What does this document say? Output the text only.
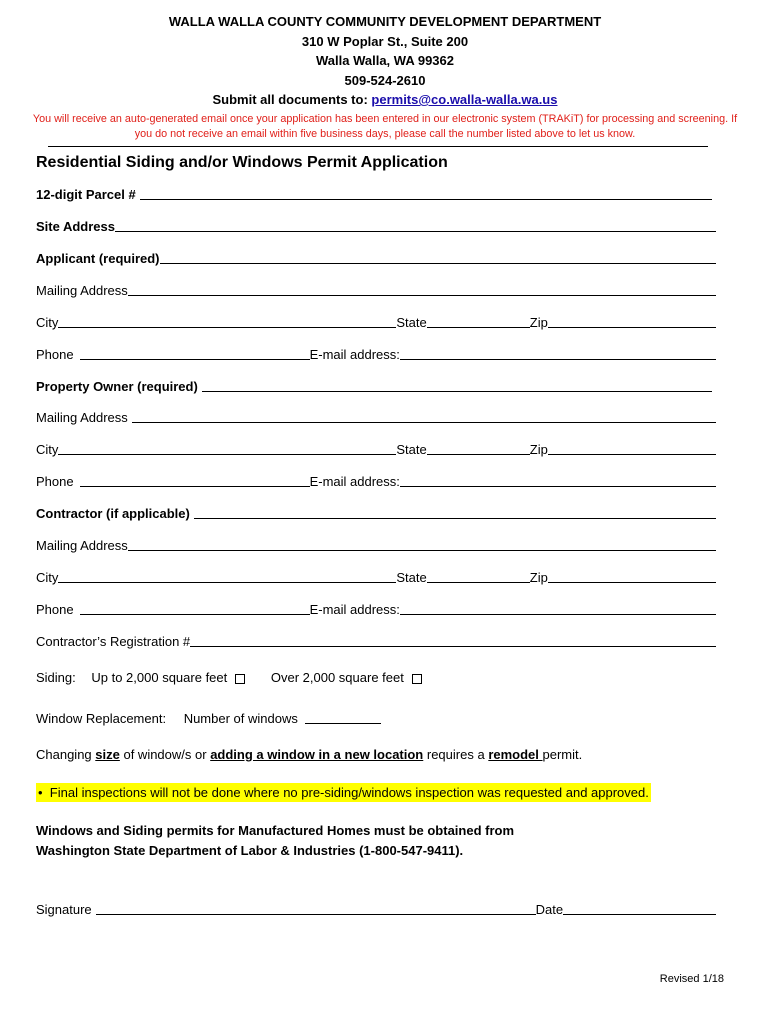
WALLA WALLA COUNTY COMMUNITY DEVELOPMENT DEPARTMENT
310 W Poplar St., Suite 200
Walla Walla, WA 99362
509-524-2610
Submit all documents to: permits@co.walla-walla.wa.us
You will receive an auto-generated email once your application has been entered in our electronic system (TRAKiT) for processing and screening. If you do not receive an email within five business days, please call the number listed above to let us know.
Residential Siding and/or Windows Permit Application
12-digit Parcel #
Site Address
Applicant (required)
Mailing Address
City	State	Zip
Phone	E-mail address:
Property Owner (required)
Mailing Address
City	State	Zip
Phone	E-mail address:
Contractor (if applicable)
Mailing Address
City	State	Zip
Phone	E-mail address:
Contractor’s Registration #
Siding: Up to 2,000 square feet	Over 2,000 square feet
Window Replacement: Number of windows
Changing size of window/s or adding a window in a new location requires a remodel permit.
•  Final inspections will not be done where no pre-siding/windows inspection was requested and approved.
Windows and Siding permits for Manufactured Homes must be obtained from
Washington State Department of Labor & Industries (1-800-547-9411).
Signature	Date
Revised 1/18
